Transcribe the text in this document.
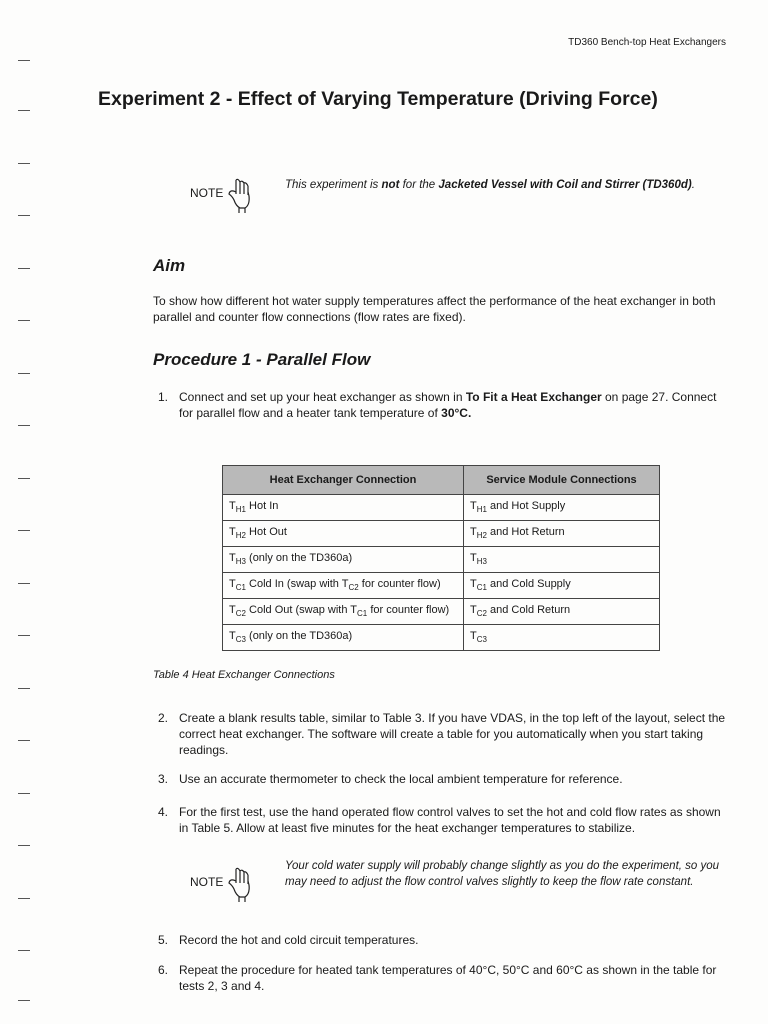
TD360 Bench-top Heat Exchangers
Experiment 2 - Effect of Varying Temperature (Driving Force)
NOTE
This experiment is not for the Jacketed Vessel with Coil and Stirrer (TD360d).
Aim

To show how different hot water supply temperatures affect the performance of the heat exchanger in both parallel and counter flow connections (flow rates are fixed).

Procedure 1 - Parallel Flow
1. Connect and set up your heat exchanger as shown in To Fit a Heat Exchanger on page 27. Connect for parallel flow and a heater tank temperature of 30°C.
Heat Exchanger Connection	Service Module Connections
$T_{H1}$ Hot In	$T_{H1}$ and Hot Supply
$T_{H2}$ Hot Out	$T_{H2}$ and Hot Return
$T_{H3}$ (only on the TD360a)	$T_{H3}$
$T_{C1}$ Cold In (swap with $T_{C2}$ for counter flow)	$T_{C1}$ and Cold Supply
$T_{C2}$ Cold Out (swap with $T_{C1}$ for counter flow)	$T_{C2}$ and Cold Return
$T_{C3}$ (only on the TD360a)	$T_{C3}$
Table 4 Heat Exchanger Connections
2. Create a blank results table, similar to Table 3. If you have VDAS, in the top left of the layout, select the correct heat exchanger. The software will create a table for you automatically when you start taking readings.
3. Use an accurate thermometer to check the local ambient temperature for reference.
4. For the first test, use the hand operated flow control valves to set the hot and cold flow rates as shown in Table 5. Allow at least five minutes for the heat exchanger temperatures to stabilize.
NOTE
Your cold water supply will probably change slightly as you do the experiment, so you may need to adjust the flow control valves slightly to keep the flow rate constant.
5. Record the hot and cold circuit temperatures.
6. Repeat the procedure for heated tank temperatures of 40°C, 50°C and 60°C as shown in the table for tests 2, 3 and 4.
